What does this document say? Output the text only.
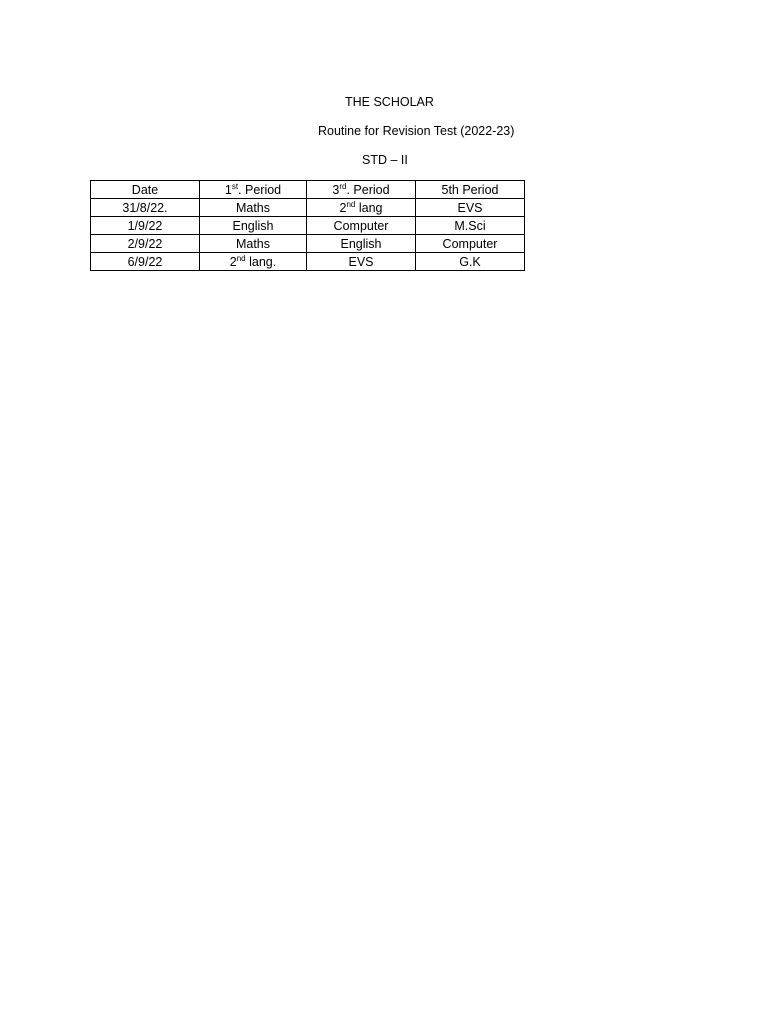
THE SCHOLAR
Routine for Revision Test (2022-23)
STD – II
Date	1st. Period	3rd. Period	5th Period
31/8/22.	Maths	2nd lang	EVS
1/9/22	English	Computer	M.Sci
2/9/22	Maths	English	Computer
6/9/22	2nd lang.	EVS	G.K
